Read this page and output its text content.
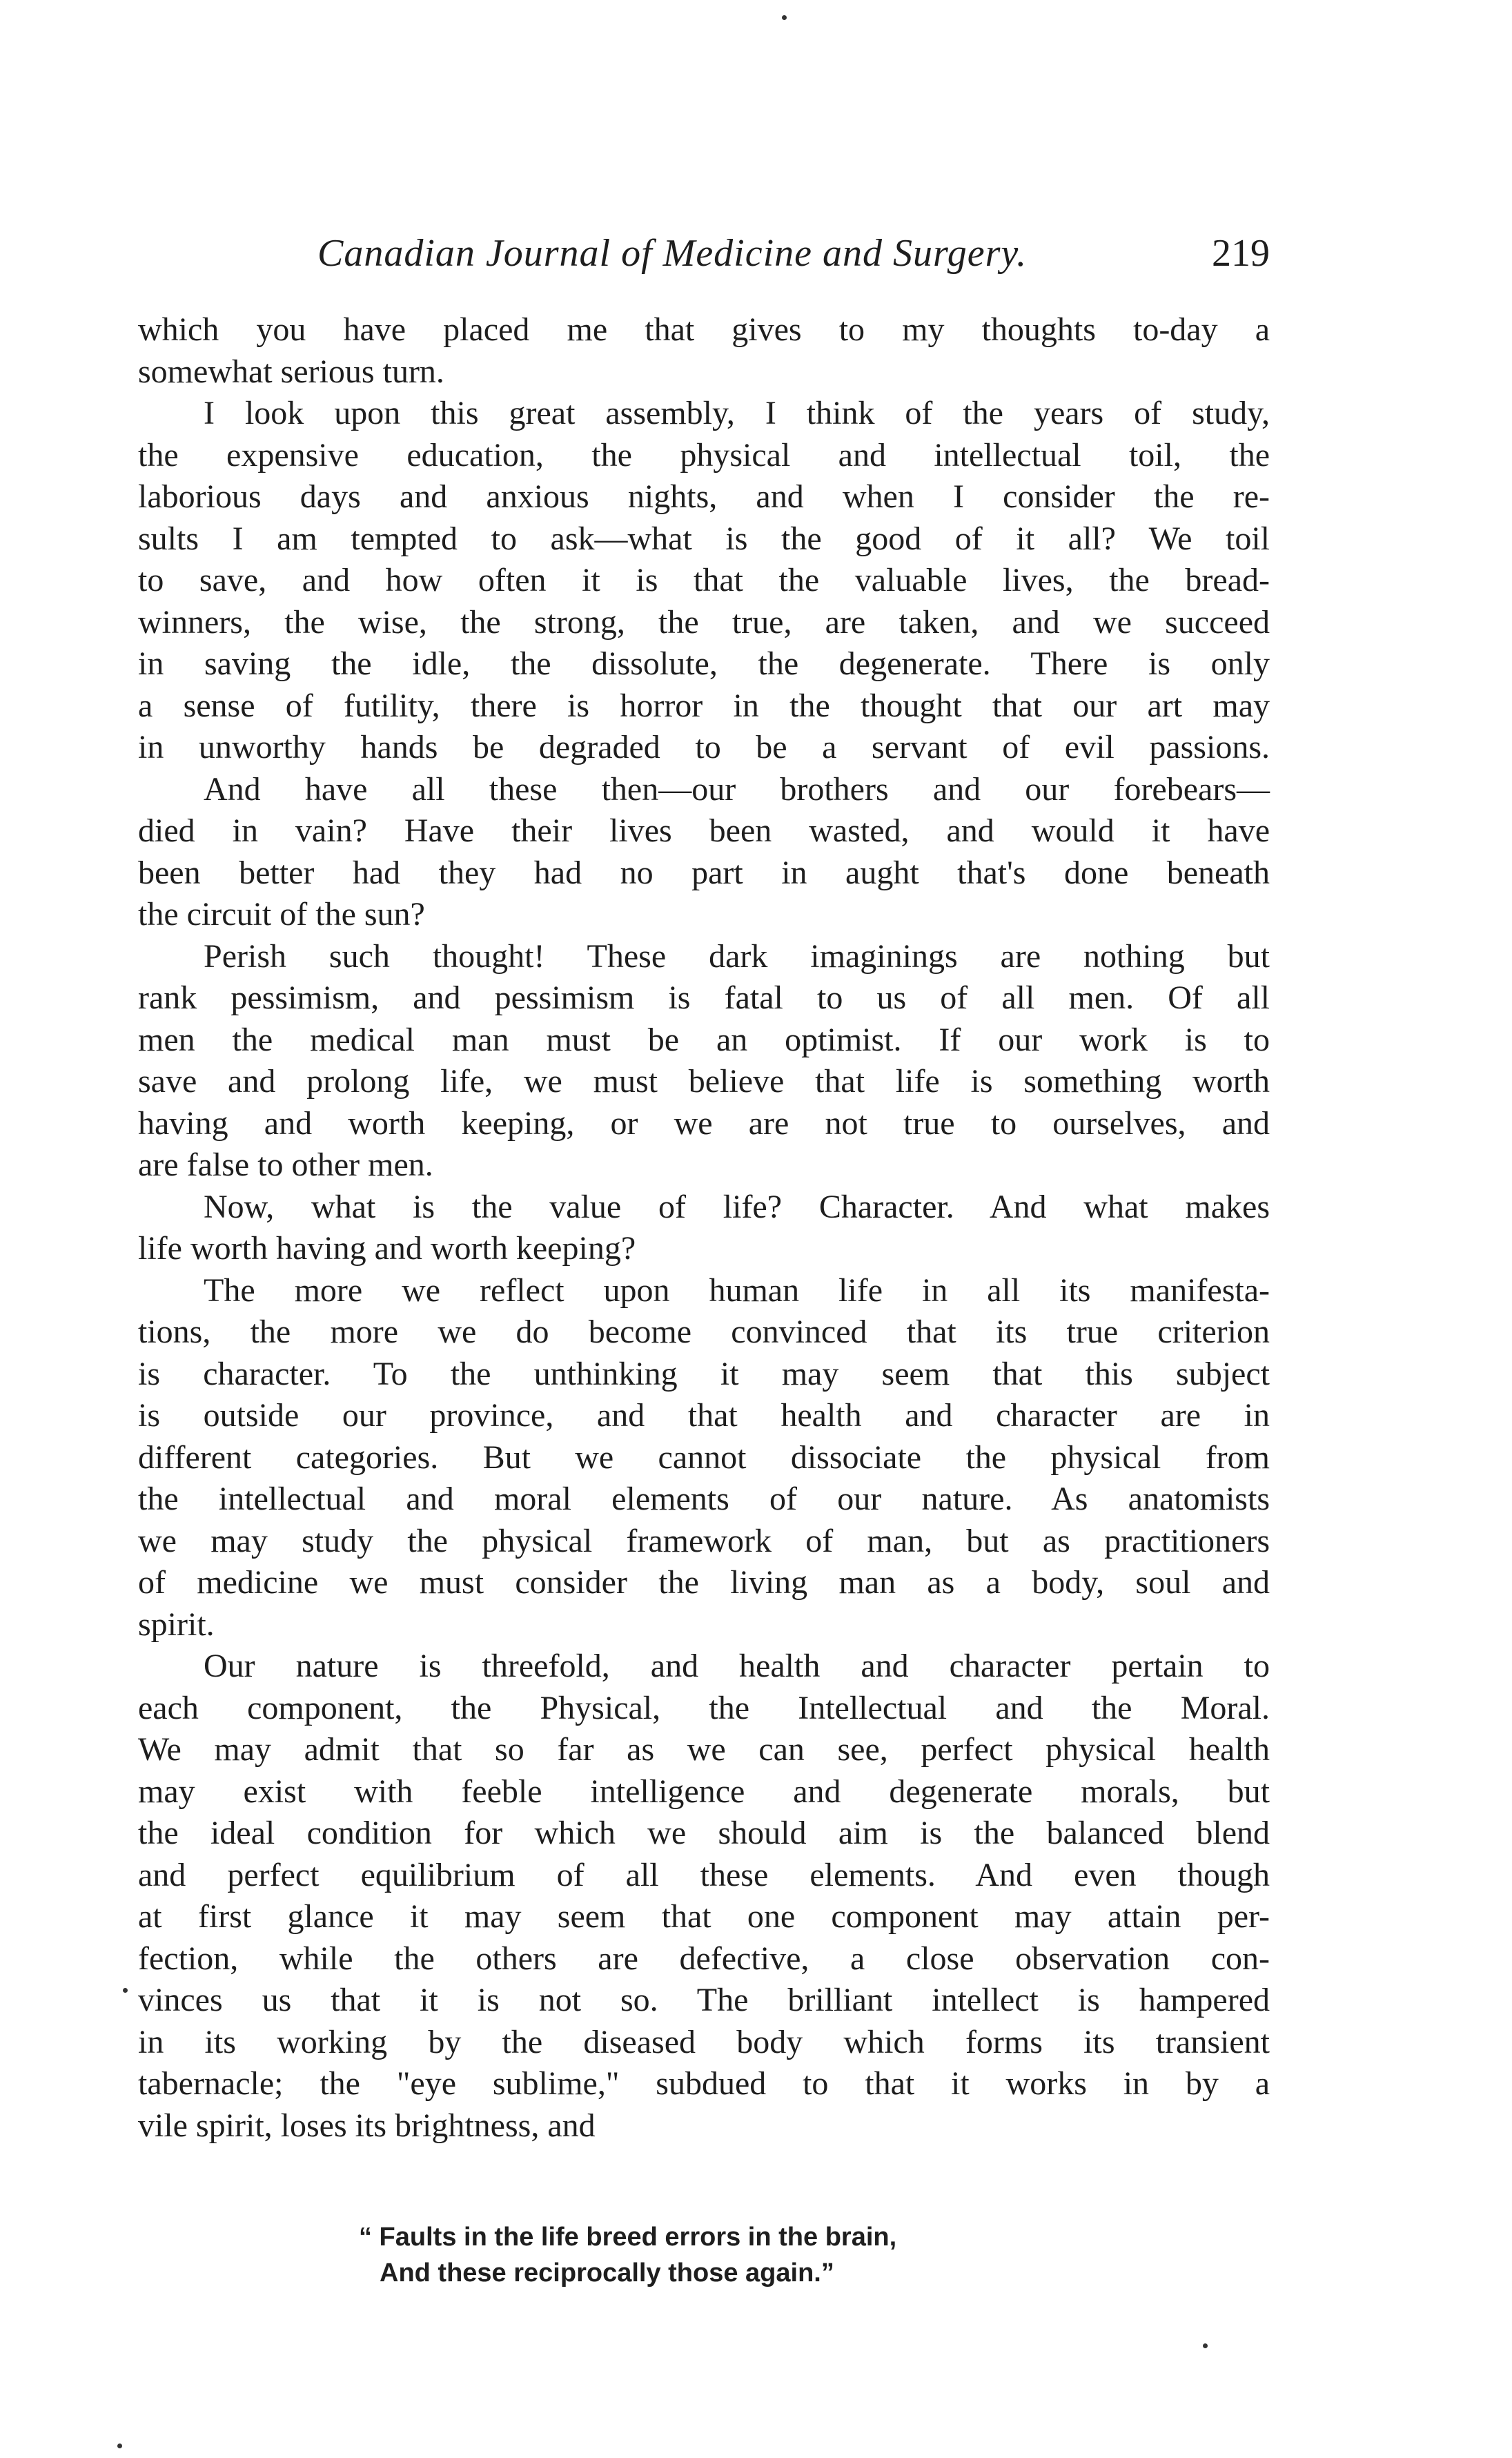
Canadian Journal of Medicine and Surgery.	219
which you have placed me that gives to my thoughts to-day a
somewhat serious turn.
I look upon this great assembly, I think of the years of study,
the expensive education, the physical and intellectual toil, the
laborious days and anxious nights, and when I consider the re-
sults I am tempted to ask—what is the good of it all? We toil
to save, and how often it is that the valuable lives, the bread-
winners, the wise, the strong, the true, are taken, and we succeed
in saving the idle, the dissolute, the degenerate. There is only
a sense of futility, there is horror in the thought that our art may
in unworthy hands be degraded to be a servant of evil passions.
And have all these then—our brothers and our forebears—
died in vain? Have their lives been wasted, and would it have
been better had they had no part in aught that's done beneath
the circuit of the sun?
Perish such thought! These dark imaginings are nothing but
rank pessimism, and pessimism is fatal to us of all men. Of all
men the medical man must be an optimist. If our work is to
save and prolong life, we must believe that life is something worth
having and worth keeping, or we are not true to ourselves, and
are false to other men.
Now, what is the value of life? Character. And what makes
life worth having and worth keeping?
The more we reflect upon human life in all its manifesta-
tions, the more we do become convinced that its true criterion
is character. To the unthinking it may seem that this subject
is outside our province, and that health and character are in
different categories. But we cannot dissociate the physical from
the intellectual and moral elements of our nature. As anatomists
we may study the physical framework of man, but as practitioners
of medicine we must consider the living man as a body, soul and
spirit.
Our nature is threefold, and health and character pertain to
each component, the Physical, the Intellectual and the Moral.
We may admit that so far as we can see, perfect physical health
may exist with feeble intelligence and degenerate morals, but
the ideal condition for which we should aim is the balanced blend
and perfect equilibrium of all these elements. And even though
at first glance it may seem that one component may attain per-
fection, while the others are defective, a close observation con-
vinces us that it is not so. The brilliant intellect is hampered
in its working by the diseased body which forms its transient
tabernacle; the "eye sublime," subdued to that it works in by a
vile spirit, loses its brightness, and
“ Faults in the life breed errors in the brain,
And these reciprocally those again.”
